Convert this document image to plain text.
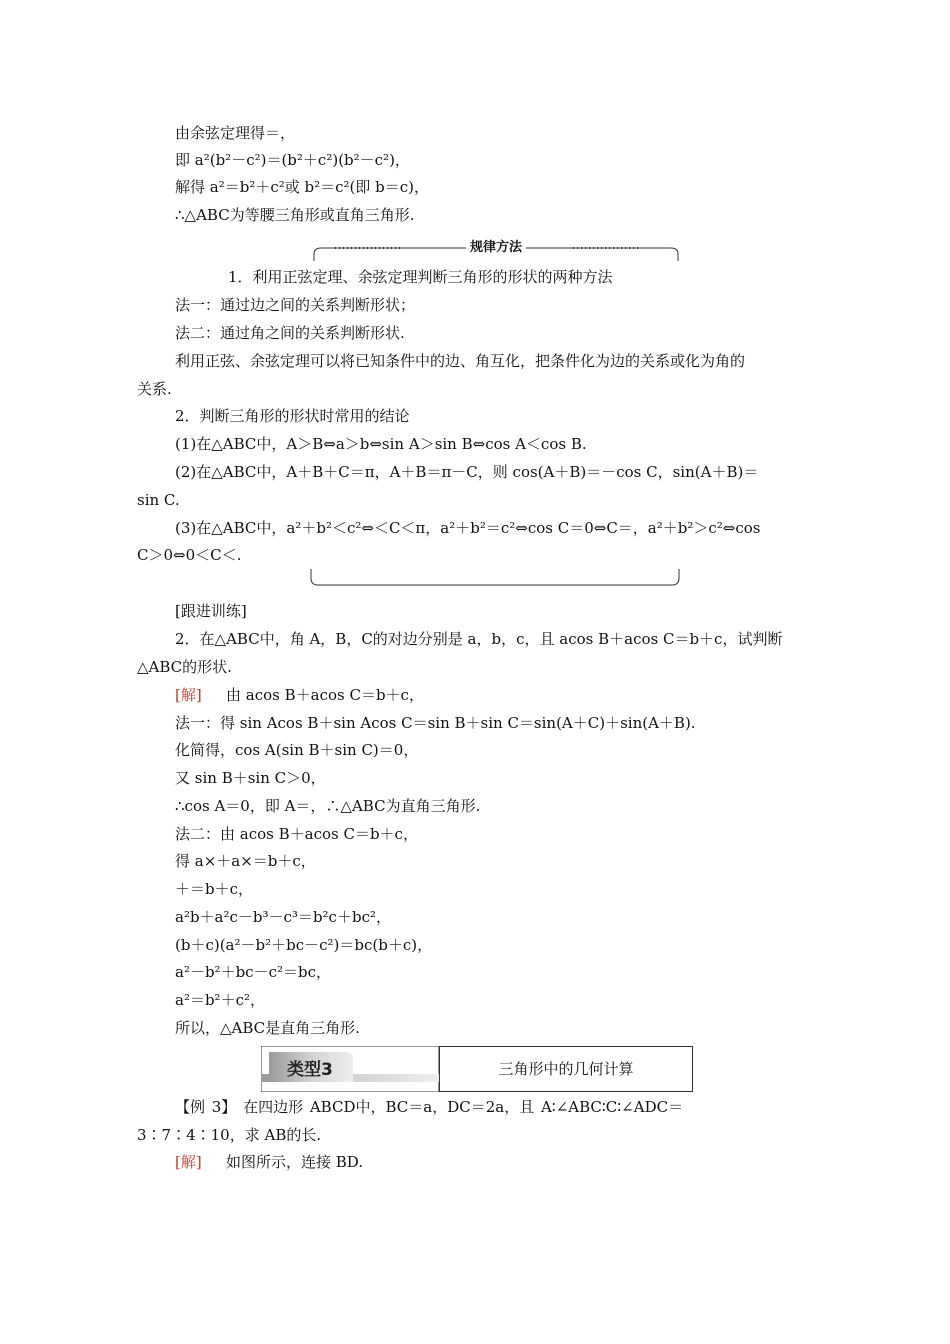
由余弦定理得＝，
即 a²(b²－c²)＝(b²＋c²)(b²－c²)，
解得 a²＝b²＋c²或 b²＝c²(即 b＝c)，
∴△ABC为等腰三角形或直角三角形.
规律方法
1．利用正弦定理、余弦定理判断三角形的形状的两种方法
法一：通过边之间的关系判断形状；
法二：通过角之间的关系判断形状.
利用正弦、余弦定理可以将已知条件中的边、角互化，把条件化为边的关系或化为角的
关系.
2．判断三角形的形状时常用的结论
(1)在△ABC中，A＞B⇔a＞b⇔sin A＞sin B⇔cos A＜cos B.
(2)在△ABC中，A＋B＋C＝π，A＋B＝π－C，则 cos(A＋B)＝－cos C，sin(A＋B)＝
sin C.
(3)在△ABC中，a²＋b²＜c²⇔＜C＜π，a²＋b²＝c²⇔cos C＝0⇔C＝，a²＋b²＞c²⇔cos
C＞0⇔0＜C＜.
[跟进训练]
2．在△ABC中，角 A，B，C的对边分别是 a，b，c，且 acos B＋acos C＝b＋c，试判断
△ABC的形状.
[解] 由 acos B＋acos C＝b＋c，
法一：得 sin Acos B＋sin Acos C＝sin B＋sin C＝sin(A＋C)＋sin(A＋B).
化简得，cos A(sin B＋sin C)＝0，
又 sin B＋sin C＞0，
∴cos A＝0，即 A＝，∴△ABC为直角三角形.
法二：由 acos B＋acos C＝b＋c，
得 a×＋a×＝b＋c，
＋＝b＋c，
a²b＋a²c－b³－c³＝b²c＋bc²，
(b＋c)(a²－b²＋bc－c²)＝bc(b＋c)，
a²－b²＋bc－c²＝bc，
a²＝b²＋c²，
所以，△ABC是直角三角形.
类型3	三角形中的几何计算
【例 3】 在四边形 ABCD中，BC＝a，DC＝2a，且 A∶∠ABC∶C∶∠ADC＝
3∶7∶4∶10，求 AB的长.
[解] 如图所示，连接 BD.
